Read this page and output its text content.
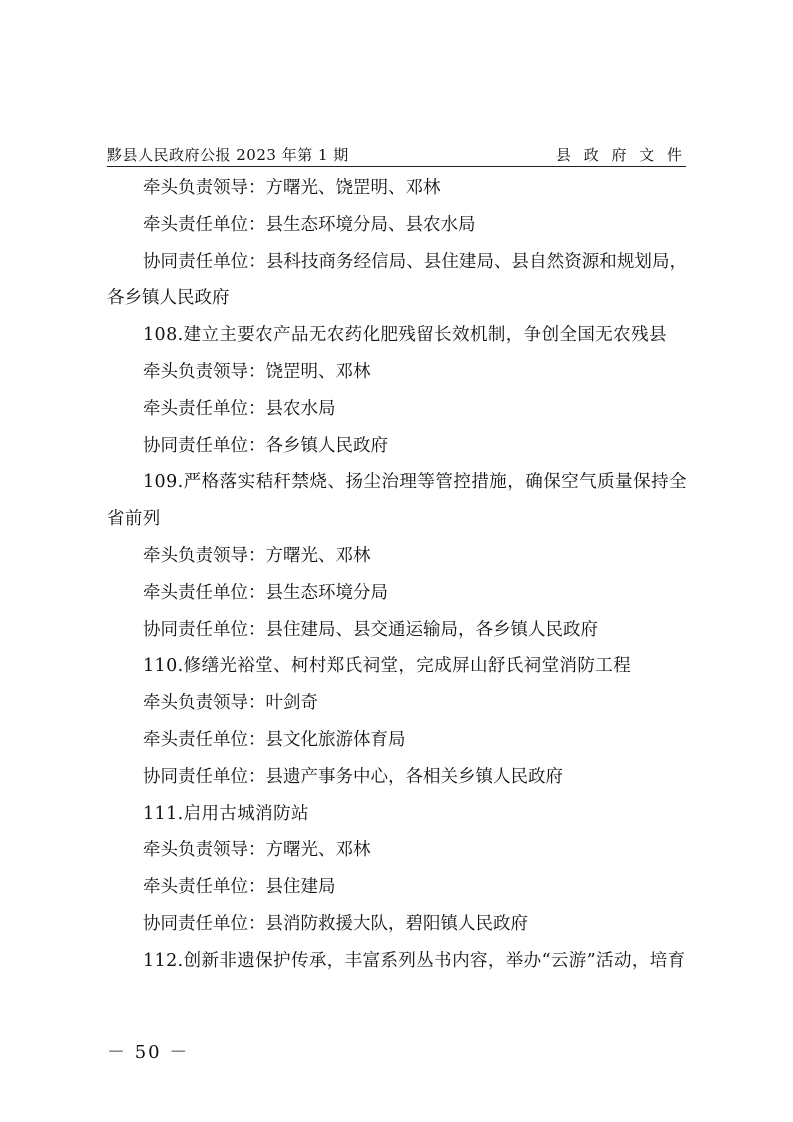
黟县人民政府公报 2023 年第 1 期	县 政 府 文 件

牵头负责领导：方曙光、饶罡明、邓林

牵头责任单位：县生态环境分局、县农水局

协同责任单位：县科技商务经信局、县住建局、县自然资源和规划局，各乡镇人民政府

108.建立主要农产品无农药化肥残留长效机制，争创全国无农残县

牵头负责领导：饶罡明、邓林

牵头责任单位：县农水局

协同责任单位：各乡镇人民政府

109.严格落实秸秆禁烧、扬尘治理等管控措施，确保空气质量保持全省前列

牵头负责领导：方曙光、邓林

牵头责任单位：县生态环境分局

协同责任单位：县住建局、县交通运输局，各乡镇人民政府

110.修缮光裕堂、柯村郑氏祠堂，完成屏山舒氏祠堂消防工程

牵头负责领导：叶剑奇

牵头责任单位：县文化旅游体育局

协同责任单位：县遗产事务中心，各相关乡镇人民政府

111.启用古城消防站

牵头负责领导：方曙光、邓林

牵头责任单位：县住建局

协同责任单位：县消防救援大队，碧阳镇人民政府

112.创新非遗保护传承，丰富系列丛书内容，举办“云游”活动，培育

－ 50 －
